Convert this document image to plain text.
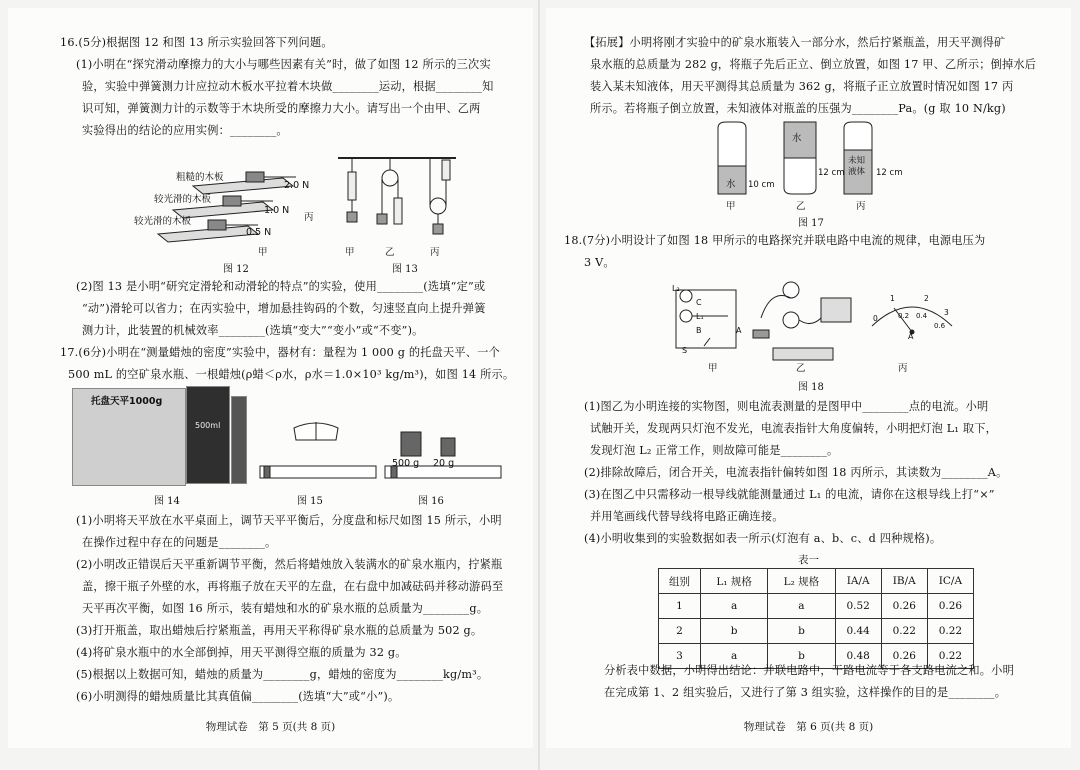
16.(5分)根据图 12 和图 13 所示实验回答下列问题。
(1)小明在“探究滑动摩擦力的大小与哪些因素有关”时，做了如图 12 所示的三次实
验，实验中弹簧测力计应拉动木板水平拉着木块做________运动，根据________知
识可知，弹簧测力计的示数等于木块所受的摩擦力大小。请写出一个由甲、乙两
实验得出的结论的应用实例：________。
粗糙的木板
较光滑的木板
较光滑的木板
2.0 N
1.0 N
0.5 N
丙
甲
图 12
甲	乙	丙
图 13
(2)图 13 是小明“研究定滑轮和动滑轮的特点”的实验，使用________(选填“定”或
“动”)滑轮可以省力；在丙实验中，增加悬挂钩码的个数，匀速竖直向上提升弹簧
测力计，此装置的机械效率________(选填“变大”“变小”或“不变”)。
17.(6分)小明在“测量蜡烛的密度”实验中，器材有：量程为 1 000 g 的托盘天平、一个
500 mL 的空矿泉水瓶、一根蜡烛(ρ蜡＜ρ水，ρ水＝1.0×10³ kg/m³)，如图 14 所示。
托盘天平1000g
500ml
图 14	图 15
500 g 20 g
图 16
(1)小明将天平放在水平桌面上，调节天平平衡后，分度盘和标尺如图 15 所示，小明
在操作过程中存在的问题是________。
(2)小明改正错误后天平重新调节平衡，然后将蜡烛放入装满水的矿泉水瓶内，拧紧瓶
盖，擦干瓶子外壁的水，再将瓶子放在天平的左盘，在右盘中加减砝码并移动游码至
天平再次平衡，如图 16 所示，装有蜡烛和水的矿泉水瓶的总质量为________g。
(3)打开瓶盖，取出蜡烛后拧紧瓶盖，再用天平称得矿泉水瓶的总质量为 502 g。
(4)将矿泉水瓶中的水全部倒掉，用天平测得空瓶的质量为 32 g。
(5)根据以上数据可知，蜡烛的质量为________g，蜡烛的密度为________kg/m³。
(6)小明测得的蜡烛质量比其真值偏________(选填“大”或“小”)。
物理试卷　第 5 页(共 8 页)
【拓展】小明将刚才实验中的矿泉水瓶装入一部分水，然后拧紧瓶盖，用天平测得矿
泉水瓶的总质量为 282 g，将瓶子先后正立、倒立放置，如图 17 甲、乙所示；倒掉水后
装入某未知液体，用天平测得其总质量为 362 g，将瓶子正立放置时情况如图 17 丙
所示。若将瓶子倒立放置，未知液体对瓶盖的压强为________Pa。(g 取 10 N/kg)
水
水
未知
液体
10 cm
12 cm	12 cm
甲	乙	丙
图 17
18.(7分)小明设计了如图 18 甲所示的电路探究并联电路中电流的规律，电源电压为
3 V。
L₂
C
L₁
B	A
S
乙
0
1	2
3
0.2 0.4
0.6
A
甲	丙
图 18
(1)图乙为小明连接的实物图，则电流表测量的是图甲中________点的电流。小明
试触开关，发现两只灯泡不发光，电流表指针大角度偏转，小明把灯泡 L₁ 取下，
发现灯泡 L₂ 正常工作，则故障可能是________。
(2)排除故障后，闭合开关，电流表指针偏转如图 18 丙所示，其读数为________A。
(3)在图乙中只需移动一根导线就能测量通过 L₁ 的电流，请你在这根导线上打“×”
并用笔画线代替导线将电路正确连接。
(4)小明收集到的实验数据如表一所示(灯泡有 a、b、c、d 四种规格)。
表一
组别	L₁ 规格	L₂ 规格	IA/A	IB/A	IC/A
1	a	a	0.52	0.26	0.26
2	b	b	0.44	0.22	0.22
3	a	b	0.48	0.26	0.22
分析表中数据，小明得出结论：并联电路中，干路电流等于各支路电流之和。小明
在完成第 1、2 组实验后，又进行了第 3 组实验，这样操作的目的是________。
物理试卷　第 6 页(共 8 页)
